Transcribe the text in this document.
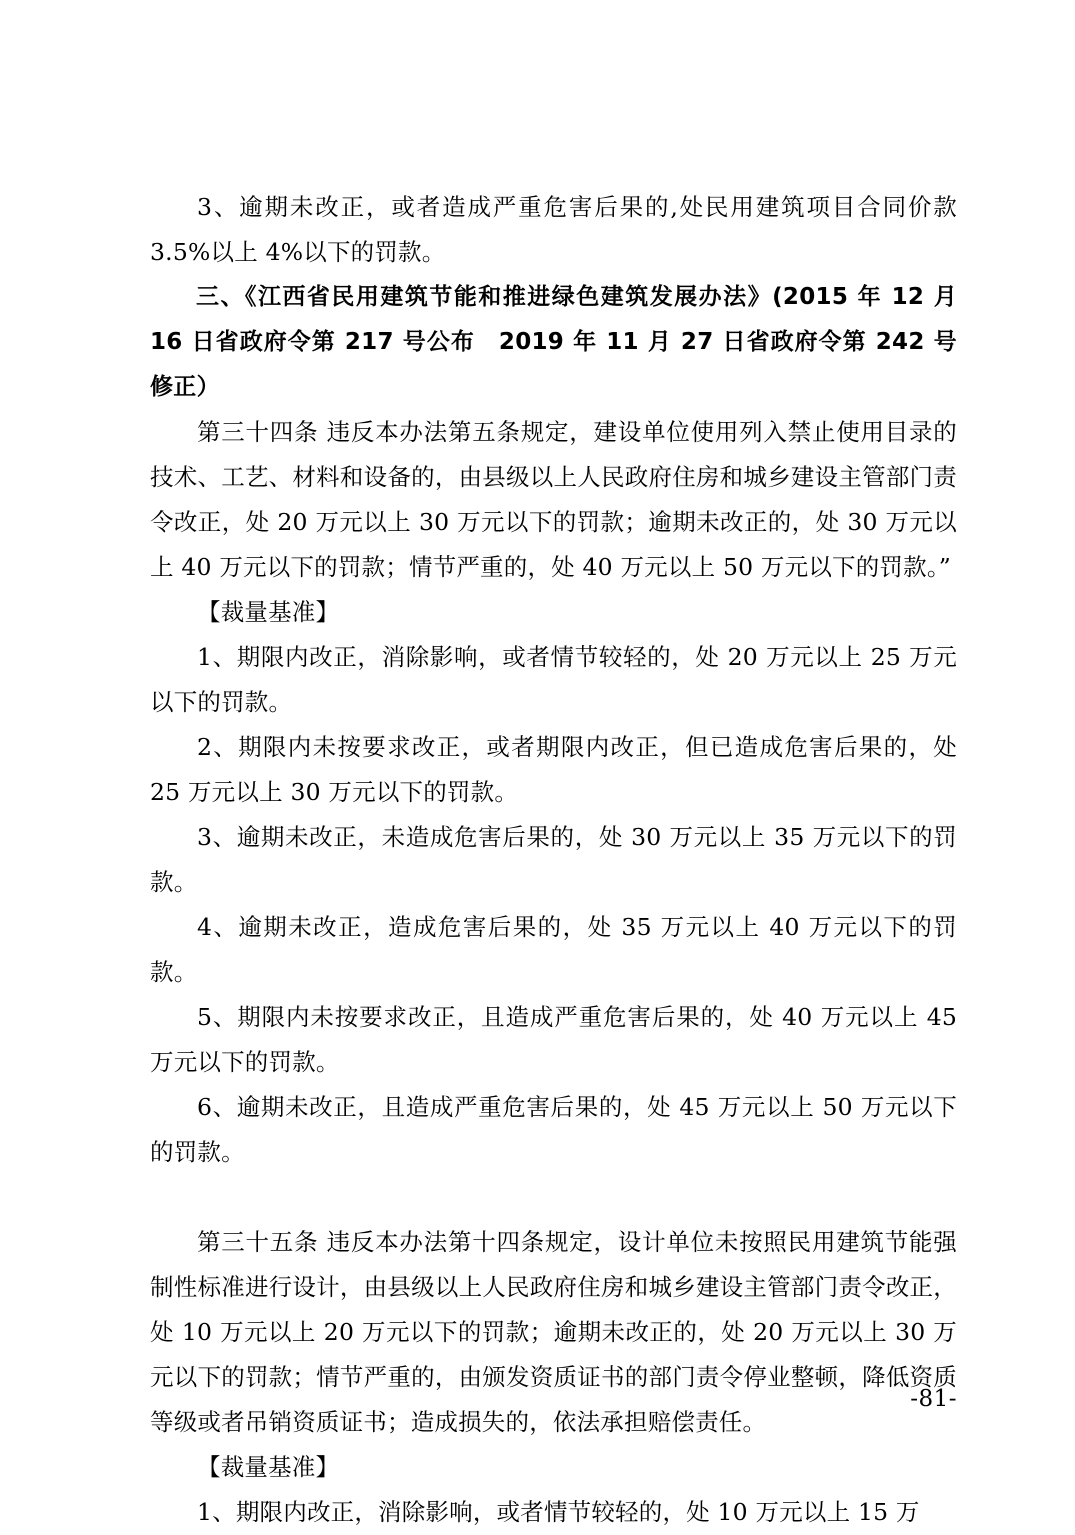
3、逾期未改正，或者造成严重危害后果的,处民用建筑项目合同价款 3.5%以上 4%以下的罚款。

三、《江西省民用建筑节能和推进绿色建筑发展办法》(2015 年 12 月 16 日省政府令第 217 号公布　2019 年 11 月 27 日省政府令第 242 号修正）

第三十四条 违反本办法第五条规定，建设单位使用列入禁止使用目录的技术、工艺、材料和设备的，由县级以上人民政府住房和城乡建设主管部门责令改正，处 20 万元以上 30 万元以下的罚款；逾期未改正的，处 30 万元以上 40 万元以下的罚款；情节严重的，处 40 万元以上 50 万元以下的罚款。”

【裁量基准】

1、期限内改正，消除影响，或者情节较轻的，处 20 万元以上 25 万元以下的罚款。

2、期限内未按要求改正，或者期限内改正，但已造成危害后果的，处 25 万元以上 30 万元以下的罚款。

3、逾期未改正，未造成危害后果的，处 30 万元以上 35 万元以下的罚款。

4、逾期未改正，造成危害后果的，处 35 万元以上 40 万元以下的罚款。

5、期限内未按要求改正，且造成严重危害后果的，处 40 万元以上 45 万元以下的罚款。

6、逾期未改正，且造成严重危害后果的，处 45 万元以上 50 万元以下的罚款。

第三十五条 违反本办法第十四条规定，设计单位未按照民用建筑节能强制性标准进行设计，由县级以上人民政府住房和城乡建设主管部门责令改正，处 10 万元以上 20 万元以下的罚款；逾期未改正的，处 20 万元以上 30 万元以下的罚款；情节严重的，由颁发资质证书的部门责令停业整顿，降低资质等级或者吊销资质证书；造成损失的，依法承担赔偿责任。

【裁量基准】

1、期限内改正，消除影响，或者情节较轻的，处 10 万元以上 15 万

-81-
